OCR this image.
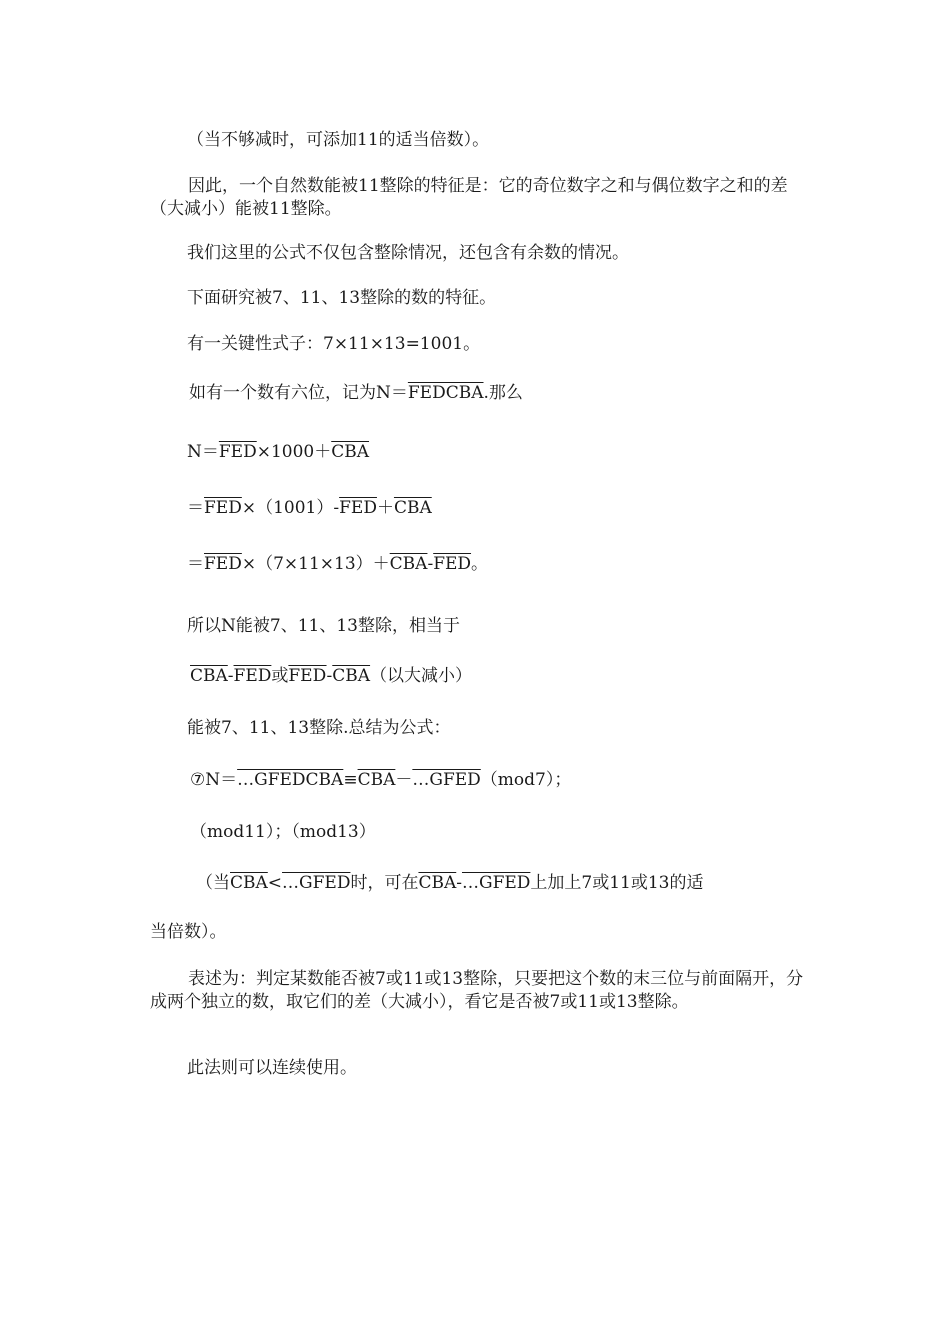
（当不够减时，可添加11的适当倍数）。
因此，一个自然数能被11整除的特征是：它的奇位数字之和与偶位数字之和的差（大减小）能被11整除。
我们这里的公式不仅包含整除情况，还包含有余数的情况。
下面研究被7、11、13整除的数的特征。
有一关键性式子：7×11×13=1001。
如有一个数有六位，记为N＝FEDCBA.那么
$N=\overline{FED}\times 1000+\overline{CBA}$
$=\overline{FED}\times(1001)-\overline{FED}+\overline{CBA}$
$=\overline{FED}\times(7\times 11\times 13)+\overline{CBA}-\overline{FED}$。
所以N能被7、11、13整除，相当于
$\overline{CBA}-\overline{FED}$或$\overline{FED}-\overline{CBA}$（以大减小）
能被7、11、13整除.总结为公式：
$⑦N=\dots GFEDCBA\equiv\overline{CBA}-\dots GFED(mod7)$；
（mod11）；（mod13）
（当$\overline{CBA}<\dots GFED$时，可在$\overline{CBA}-\dots GFED$上加上7或11或13的适
当倍数）。
表述为：判定某数能否被7或11或13整除，只要把这个数的末三位与前面隔开，分成两个独立的数，取它们的差（大减小），看它是否被7或11或13整除。
此法则可以连续使用。
